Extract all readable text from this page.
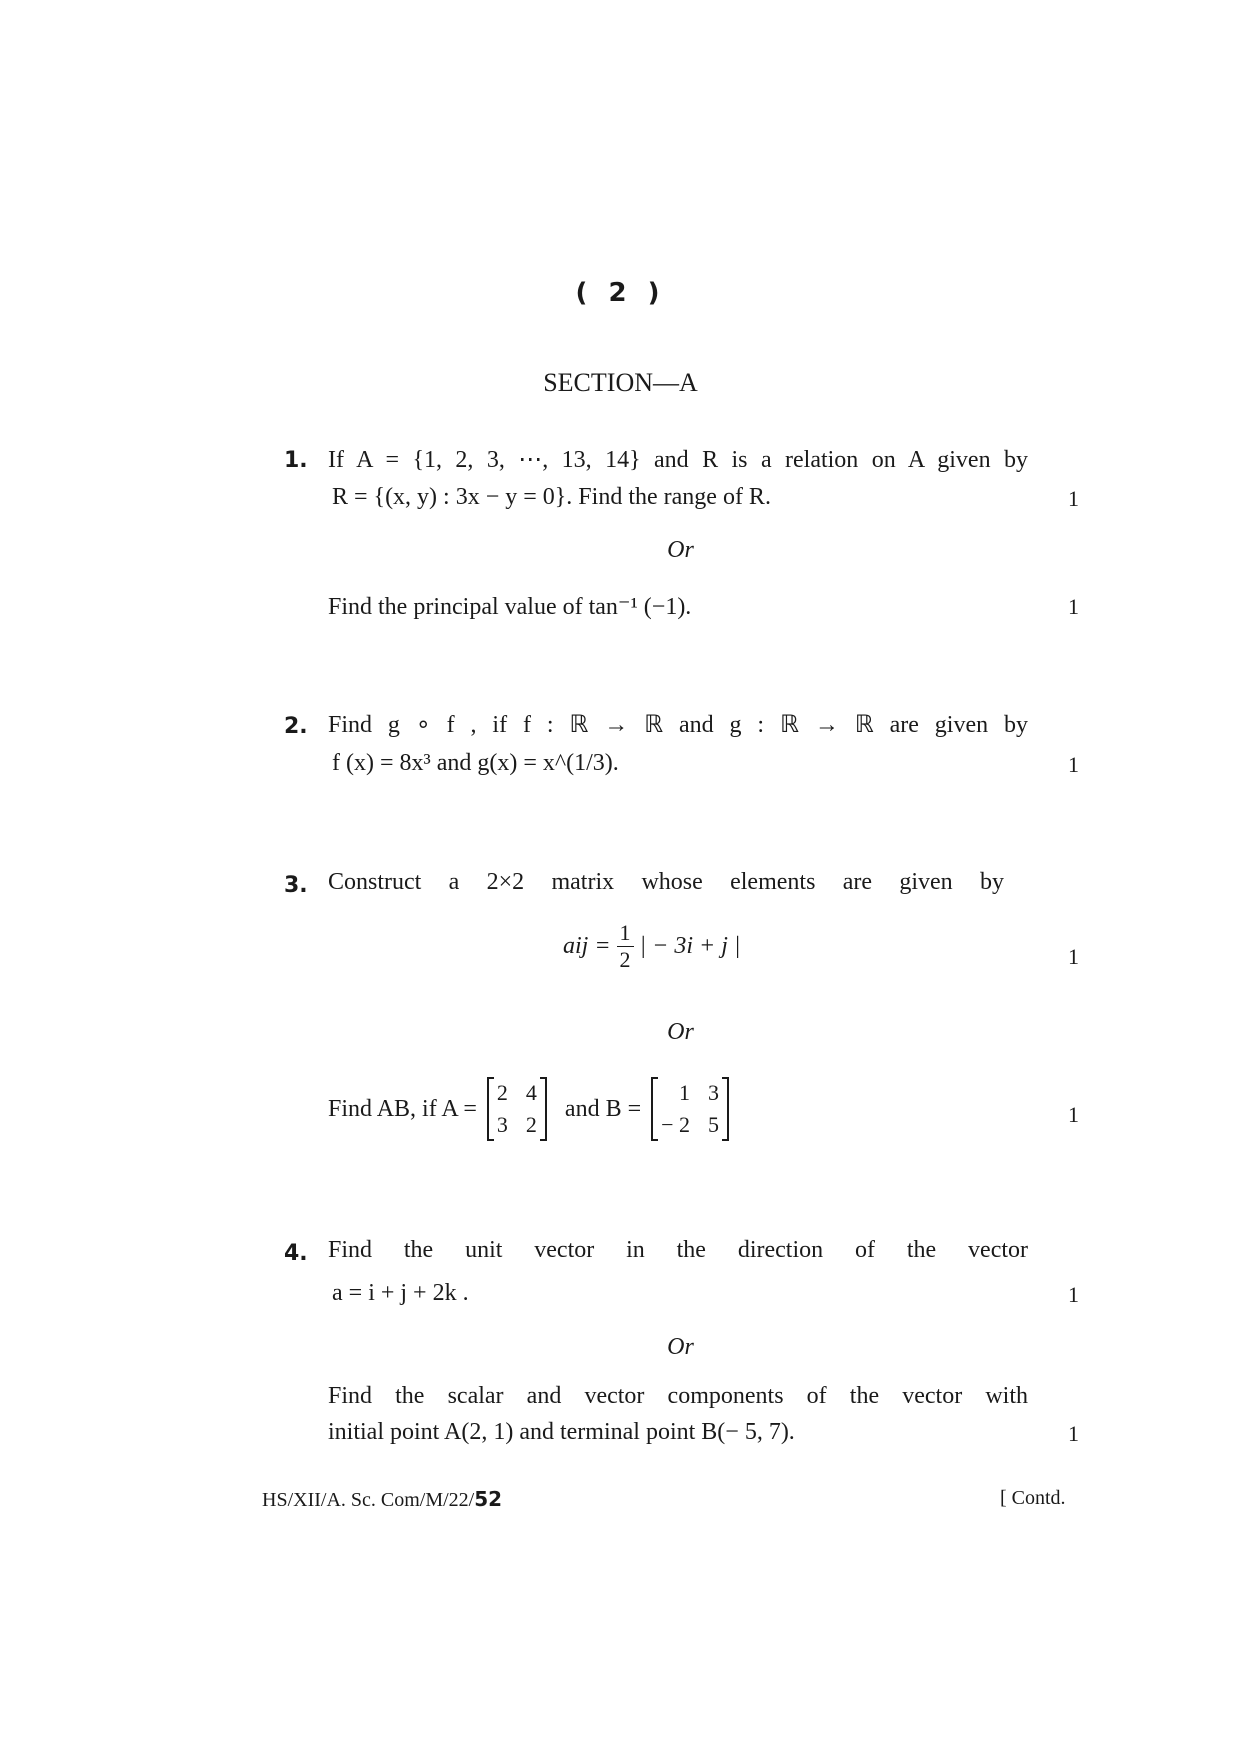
( 2 )
SECTION—A
1. If A = {1, 2, 3, ⋯, 13, 14} and R is a relation on A given by
R = {(x, y) : 3x − y = 0}. Find the range of R.	1
Or
Find the principal value of tan⁻¹ (−1).	1
2. Find g ∘ f , if f : ℝ → ℝ and g : ℝ → ℝ are given by
f (x) = 8x³ and g(x) = x^(1/3).	1
3. Construct a 2×2 matrix whose elements are given by
aij = $\frac{1}{2}$ | − 3i + j |	1
Or
Find AB, if A =
2 4
3 2
and B =
1 3
− 2 5	1
4. Find the unit vector in the direction of the vector
a = i + j + 2k .	1
Or
Find the scalar and vector components of the vector with
initial point A(2, 1) and terminal point B(− 5, 7).	1
HS/XII/A. Sc. Com/M/22/52	[ Contd.
